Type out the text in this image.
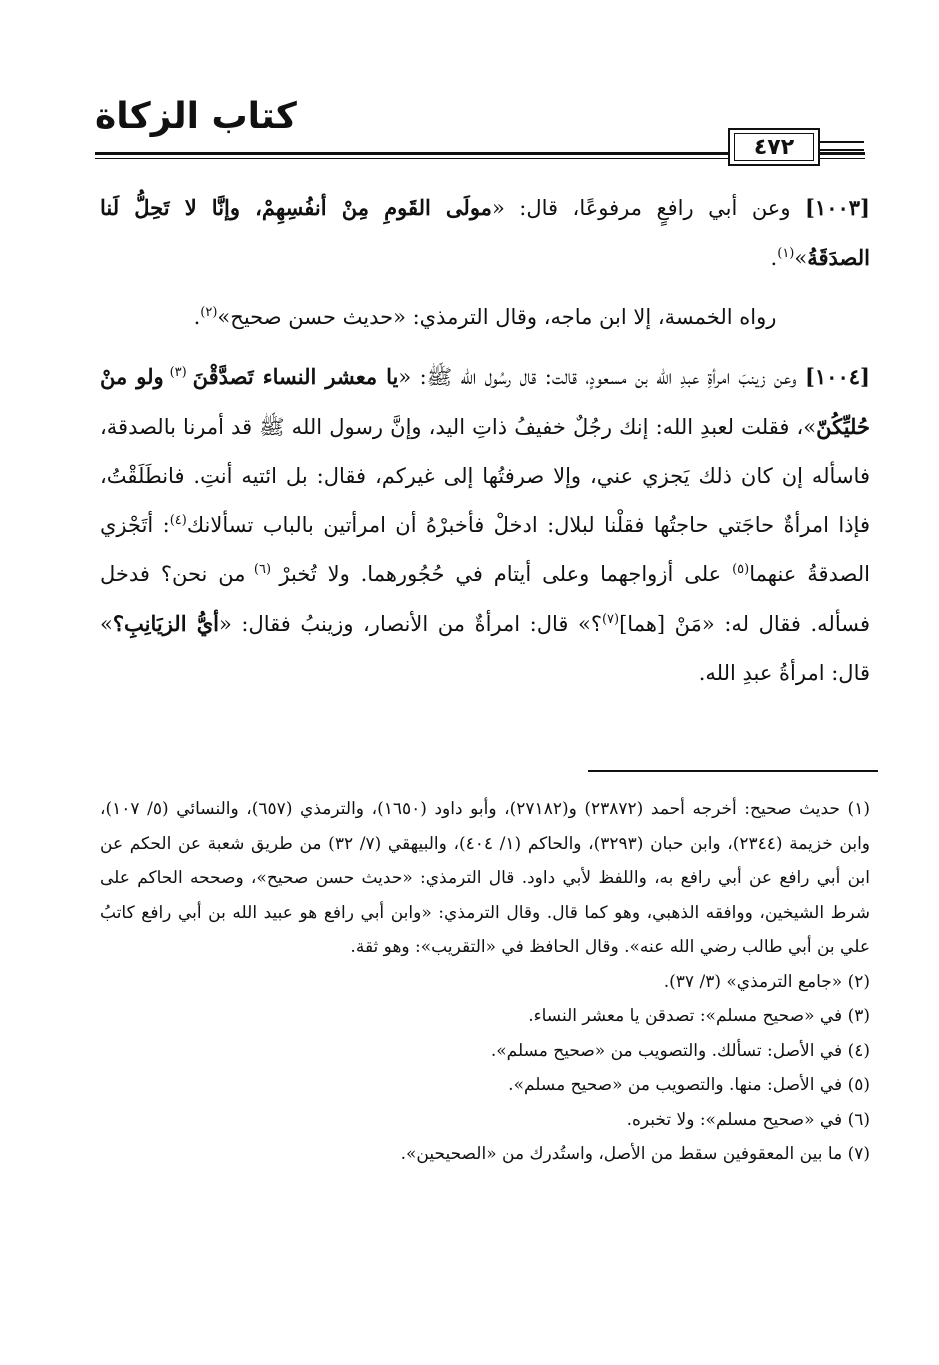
كتاب الزكاة
٤٧٢

[١٠٠٣] وعن أبي رافعٍ مرفوعًا، قال: «مولَى القَومِ مِنْ أنفُسِهِمْ، وإنَّا لا تَحِلُّ لَنا الصدَقَةُ»$^{(١)}$.

رواه الخمسة، إلا ابن ماجه، وقال الترمذي: «حديث حسن صحيح»$^{(٢)}$.

[١٠٠٤] وعن زينبَ امرأةِ عبدِ الله بن مسعودٍ، قالت: قال رسُول الله ﷺ: «يا معشر النساء تَصدَّقْنَ $^{(٣)}$ ولو منْ حُليِّكُنّ»، فقلت لعبدِ الله: إنك رجُلٌ خفيفُ ذاتِ اليد، وإنَّ رسول الله ﷺ قد أمرنا بالصدقة، فاسأله إن كان ذلك يَجزي عني، وإلا صرفتُها إلى غيركم، فقال: بل ائتيه أنتِ. فانطَلَقْتُ، فإذا امرأةٌ حاجَتي حاجتُها فقلْنا لبلال: ادخلْ فأخبرْهُ أن امرأتين بالباب تسألانك$^{(٤)}$: أتَجْزي الصدقةُ عنهما$^{(٥)}$ على أزواجهما وعلى أيتام في حُجُورهما. ولا تُخبرْ $^{(٦)}$ من نحن؟ فدخل فسأله. فقال له: «مَنْ [هما]$^{(٧)}$؟» قال: امرأةٌ من الأنصار، وزينبُ فقال: «أيُّ الزيَانِبِ؟» قال: امرأةُ عبدِ الله.

(١) حديث صحيح: أخرجه أحمد (٢٣٨٧٢) و(٢٧١٨٢)، وأبو داود (١٦٥٠)، والترمذي (٦٥٧)، والنسائي (٥/ ١٠٧)، وابن خزيمة (٢٣٤٤)، وابن حبان (٣٢٩٣)، والحاكم (١/ ٤٠٤)، والبيهقي (٧/ ٣٢) من طريق شعبة عن الحكم عن ابن أبي رافع عن أبي رافع به، واللفظ لأبي داود. قال الترمذي: «حديث حسن صحيح»، وصححه الحاكم على شرط الشيخين، ووافقه الذهبي، وهو كما قال. وقال الترمذي: «وابن أبي رافع هو عبيد الله بن أبي رافع كاتبُ علي بن أبي طالب رضي الله عنه». وقال الحافظ في «التقريب»: وهو ثقة.

(٢) «جامع الترمذي» (٣/ ٣٧).

(٣) في «صحيح مسلم»: تصدقن يا معشر النساء.

(٤) في الأصل: تسألك. والتصويب من «صحيح مسلم».

(٥) في الأصل: منها. والتصويب من «صحيح مسلم».

(٦) في «صحيح مسلم»: ولا تخبره.

(٧) ما بين المعقوفين سقط من الأصل، واستُدرك من «الصحيحين».
